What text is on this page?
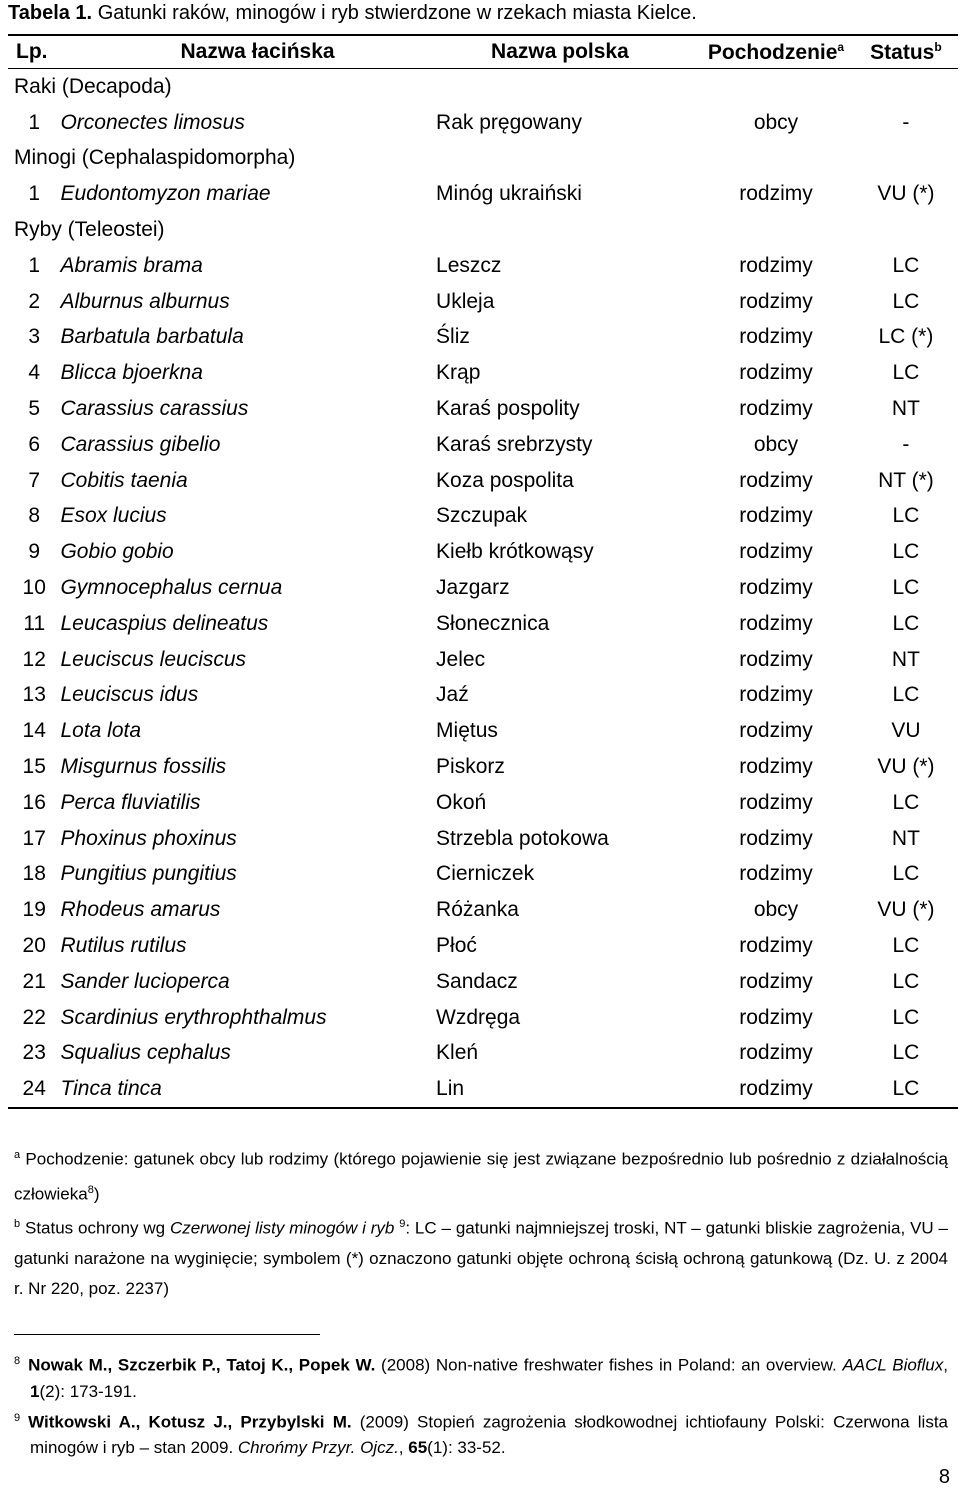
Tabela 1. Gatunki raków, minogów i ryb stwierdzone w rzekach miasta Kielce.
Lp.	Nazwa łacińska	Nazwa polska	Pochodzenie$^a$	Status$^b$
Raki (Decapoda)				
1	Orconectes limosus	Rak pręgowany	obcy	-
Minogi (Cephalaspidomorpha)				
1	Eudontomyzon mariae	Minóg ukraiński	rodzimy	VU (*)
Ryby (Teleostei)				
1	Abramis brama	Leszcz	rodzimy	LC
2	Alburnus alburnus	Ukleja	rodzimy	LC
3	Barbatula barbatula	Śliz	rodzimy	LC (*)
4	Blicca bjoerkna	Krąp	rodzimy	LC
5	Carassius carassius	Karaś pospolity	rodzimy	NT
6	Carassius gibelio	Karaś srebrzysty	obcy	-
7	Cobitis taenia	Koza pospolita	rodzimy	NT (*)
8	Esox lucius	Szczupak	rodzimy	LC
9	Gobio gobio	Kiełb krótkowąsy	rodzimy	LC
10	Gymnocephalus cernua	Jazgarz	rodzimy	LC
11	Leucaspius delineatus	Słonecznica	rodzimy	LC
12	Leuciscus leuciscus	Jelec	rodzimy	NT
13	Leuciscus idus	Jaź	rodzimy	LC
14	Lota lota	Miętus	rodzimy	VU
15	Misgurnus fossilis	Piskorz	rodzimy	VU (*)
16	Perca fluviatilis	Okoń	rodzimy	LC
17	Phoxinus phoxinus	Strzebla potokowa	rodzimy	NT
18	Pungitius pungitius	Cierniczek	rodzimy	LC
19	Rhodeus amarus	Różanka	obcy	VU (*)
20	Rutilus rutilus	Płoć	rodzimy	LC
21	Sander lucioperca	Sandacz	rodzimy	LC
22	Scardinius erythrophthalmus	Wzdręga	rodzimy	LC
23	Squalius cephalus	Kleń	rodzimy	LC
24	Tinca tinca	Lin	rodzimy	LC

$^a$ Pochodzenie: gatunek obcy lub rodzimy (którego pojawienie się jest związane bezpośrednio lub pośrednio z działalnością człowieka$^8$)

$^b$ Status ochrony wg Czerwonej listy minogów i ryb $^9$: LC – gatunki najmniejszej troski, NT – gatunki bliskie zagrożenia, VU – gatunki narażone na wyginięcie; symbolem (*) oznaczono gatunki objęte ochroną ścisłą ochroną gatunkową (Dz. U. z 2004 r. Nr 220, poz. 2237)

$^8$ Nowak M., Szczerbik P., Tatoj K., Popek W. (2008) Non-native freshwater fishes in Poland: an overview. AACL Bioflux, 1(2): 173-191.

$^9$ Witkowski A., Kotusz J., Przybylski M. (2009) Stopień zagrożenia słodkowodnej ichtiofauny Polski: Czerwona lista minogów i ryb – stan 2009. Chrońmy Przyr. Ojcz., 65(1): 33-52.

8
